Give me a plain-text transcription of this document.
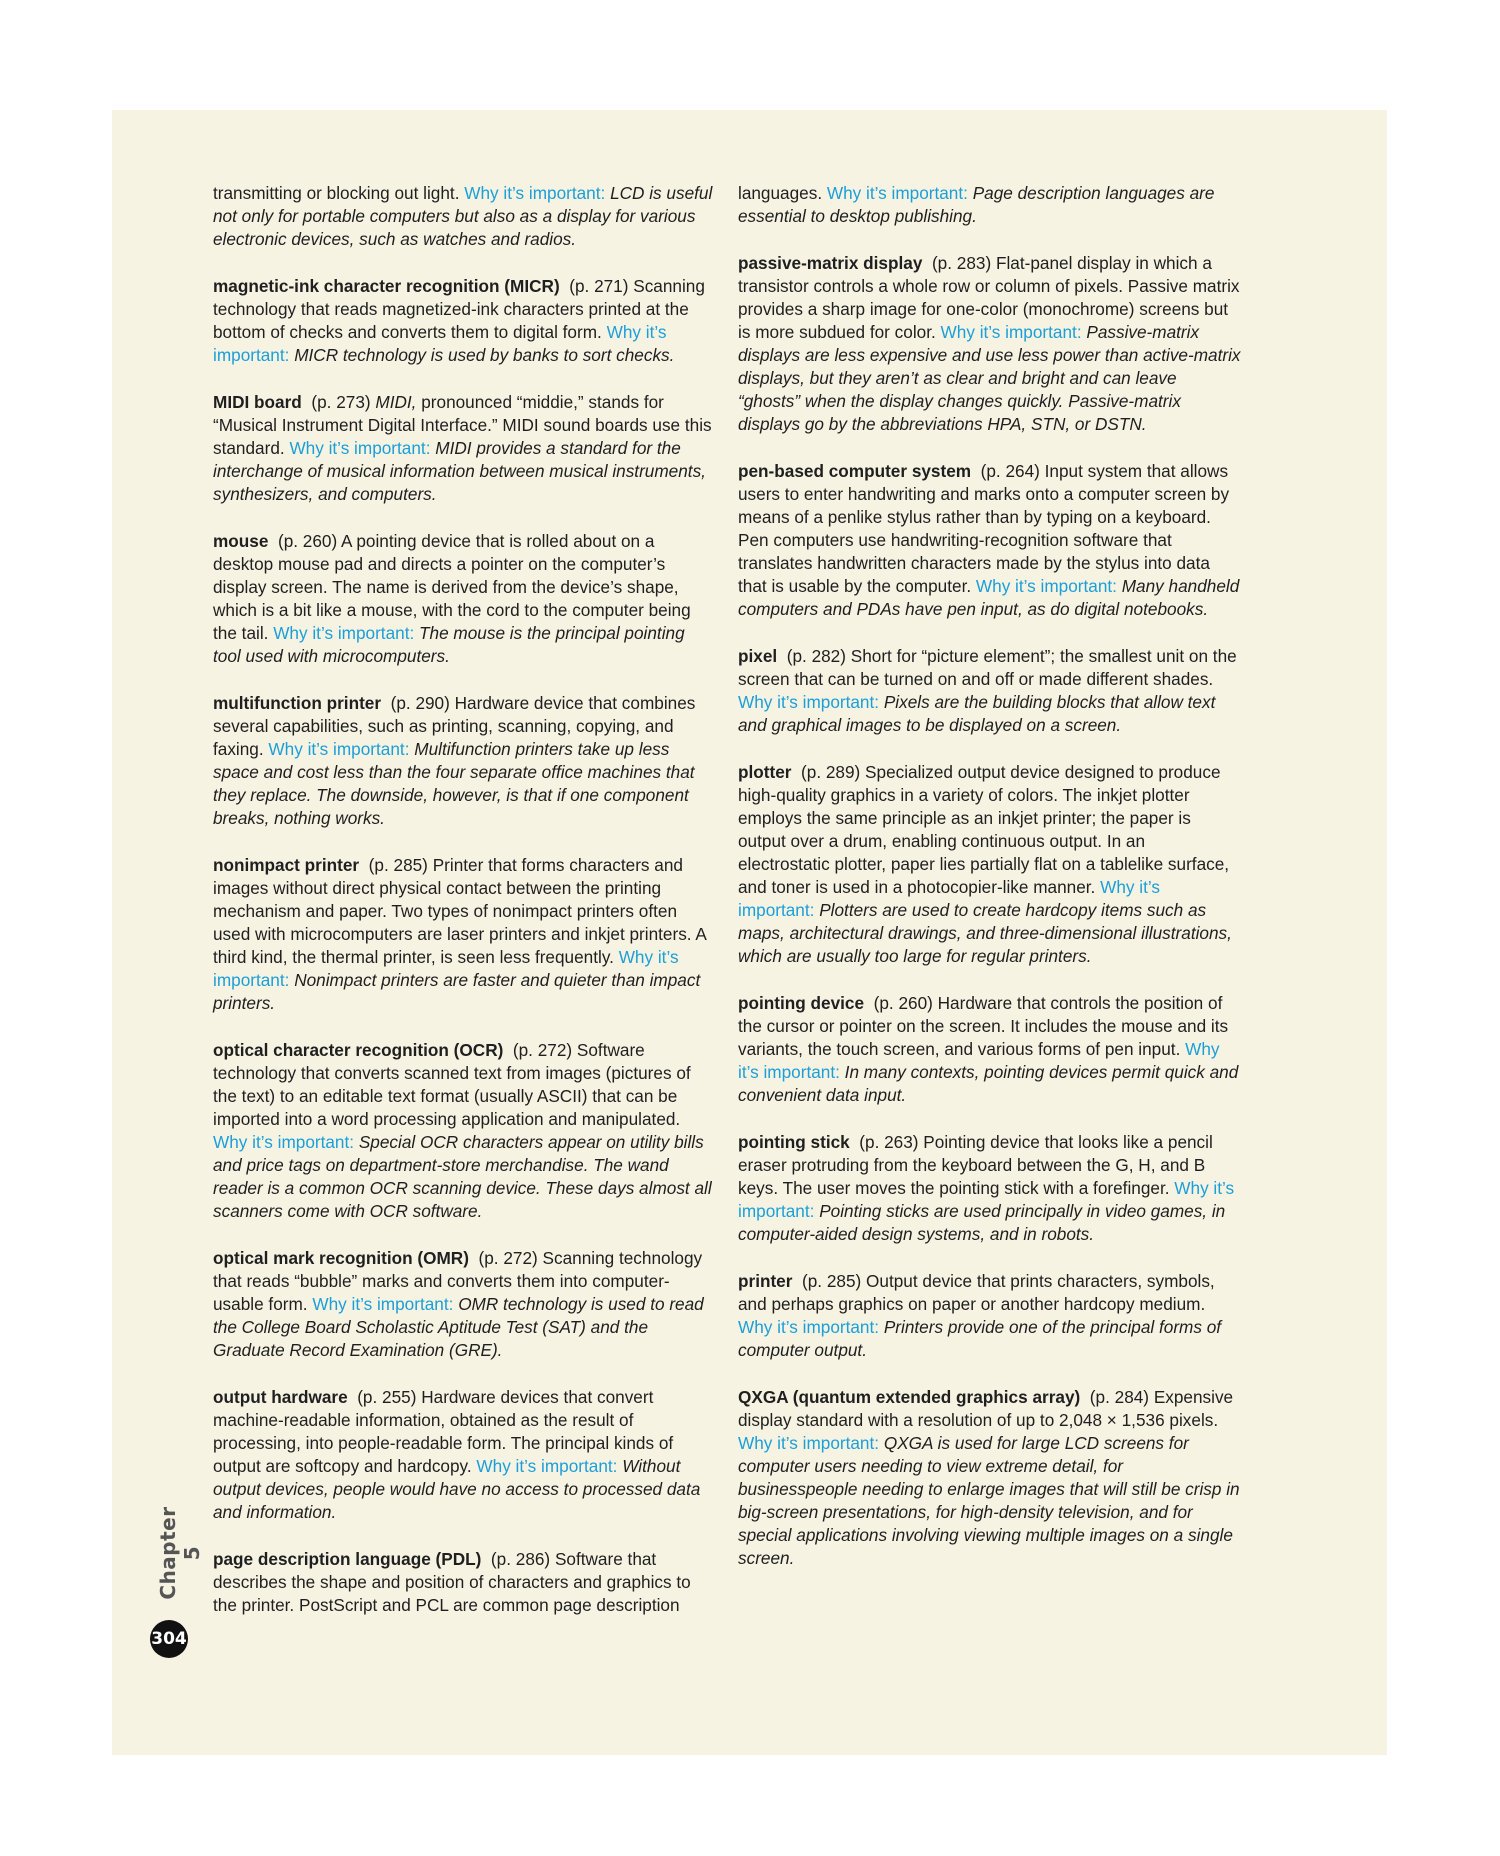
transmitting or blocking out light. Why it’s important: LCD is useful not only for portable computers but also as a display for various electronic devices, such as watches and radios.

magnetic-ink character recognition (MICR) (p. 271) Scanning technology that reads magnetized-ink characters printed at the bottom of checks and converts them to digital form. Why it’s important: MICR technology is used by banks to sort checks.

MIDI board (p. 273) MIDI, pronounced “middie,” stands for “Musical Instrument Digital Interface.” MIDI sound boards use this standard. Why it’s important: MIDI provides a standard for the interchange of musical information between musical instruments, synthesizers, and computers.

mouse (p. 260) A pointing device that is rolled about on a desktop mouse pad and directs a pointer on the computer’s display screen. The name is derived from the device’s shape, which is a bit like a mouse, with the cord to the computer being the tail. Why it’s important: The mouse is the principal pointing tool used with microcomputers.

multifunction printer (p. 290) Hardware device that combines several capabilities, such as printing, scanning, copying, and faxing. Why it’s important: Multifunction printers take up less space and cost less than the four separate office machines that they replace. The downside, however, is that if one component breaks, nothing works.

nonimpact printer (p. 285) Printer that forms characters and images without direct physical contact between the printing mechanism and paper. Two types of nonimpact printers often used with microcomputers are laser printers and inkjet printers. A third kind, the thermal printer, is seen less frequently. Why it’s important: Nonimpact printers are faster and quieter than impact printers.

optical character recognition (OCR) (p. 272) Software technology that converts scanned text from images (pictures of the text) to an editable text format (usually ASCII) that can be imported into a word processing application and manipulated. Why it’s important: Special OCR characters appear on utility bills and price tags on department-store merchandise. The wand reader is a common OCR scanning device. These days almost all scanners come with OCR software.

optical mark recognition (OMR) (p. 272) Scanning technology that reads “bubble” marks and converts them into computer-usable form. Why it’s important: OMR technology is used to read the College Board Scholastic Aptitude Test (SAT) and the Graduate Record Examination (GRE).

output hardware (p. 255) Hardware devices that convert machine-readable information, obtained as the result of processing, into people-readable form. The principal kinds of output are softcopy and hardcopy. Why it’s important: Without output devices, people would have no access to processed data and information.

page description language (PDL) (p. 286) Software that describes the shape and position of characters and graphics to the printer. PostScript and PCL are common page description

languages. Why it’s important: Page description languages are essential to desktop publishing.

passive-matrix display (p. 283) Flat-panel display in which a transistor controls a whole row or column of pixels. Passive matrix provides a sharp image for one-color (monochrome) screens but is more subdued for color. Why it’s important: Passive-matrix displays are less expensive and use less power than active-matrix displays, but they aren’t as clear and bright and can leave “ghosts” when the display changes quickly. Passive-matrix displays go by the abbreviations HPA, STN, or DSTN.

pen-based computer system (p. 264) Input system that allows users to enter handwriting and marks onto a computer screen by means of a penlike stylus rather than by typing on a keyboard. Pen computers use handwriting-recognition software that translates handwritten characters made by the stylus into data that is usable by the computer. Why it’s important: Many handheld computers and PDAs have pen input, as do digital notebooks.

pixel (p. 282) Short for “picture element”; the smallest unit on the screen that can be turned on and off or made different shades. Why it’s important: Pixels are the building blocks that allow text and graphical images to be displayed on a screen.

plotter (p. 289) Specialized output device designed to produce high-quality graphics in a variety of colors. The inkjet plotter employs the same principle as an inkjet printer; the paper is output over a drum, enabling continuous output. In an electrostatic plotter, paper lies partially flat on a tablelike surface, and toner is used in a photocopier-like manner. Why it’s important: Plotters are used to create hardcopy items such as maps, architectural drawings, and three-dimensional illustrations, which are usually too large for regular printers.

pointing device (p. 260) Hardware that controls the position of the cursor or pointer on the screen. It includes the mouse and its variants, the touch screen, and various forms of pen input. Why it’s important: In many contexts, pointing devices permit quick and convenient data input.

pointing stick (p. 263) Pointing device that looks like a pencil eraser protruding from the keyboard between the G, H, and B keys. The user moves the pointing stick with a forefinger. Why it’s important: Pointing sticks are used principally in video games, in computer-aided design systems, and in robots.

printer (p. 285) Output device that prints characters, symbols, and perhaps graphics on paper or another hardcopy medium. Why it’s important: Printers provide one of the principal forms of computer output.

QXGA (quantum extended graphics array) (p. 284) Expensive display standard with a resolution of up to 2,048 × 1,536 pixels. Why it’s important: QXGA is used for large LCD screens for computer users needing to view extreme detail, for businesspeople needing to enlarge images that will still be crisp in big-screen presentations, for high-density television, and for special applications involving viewing multiple images on a single screen.

Chapter 5
304
